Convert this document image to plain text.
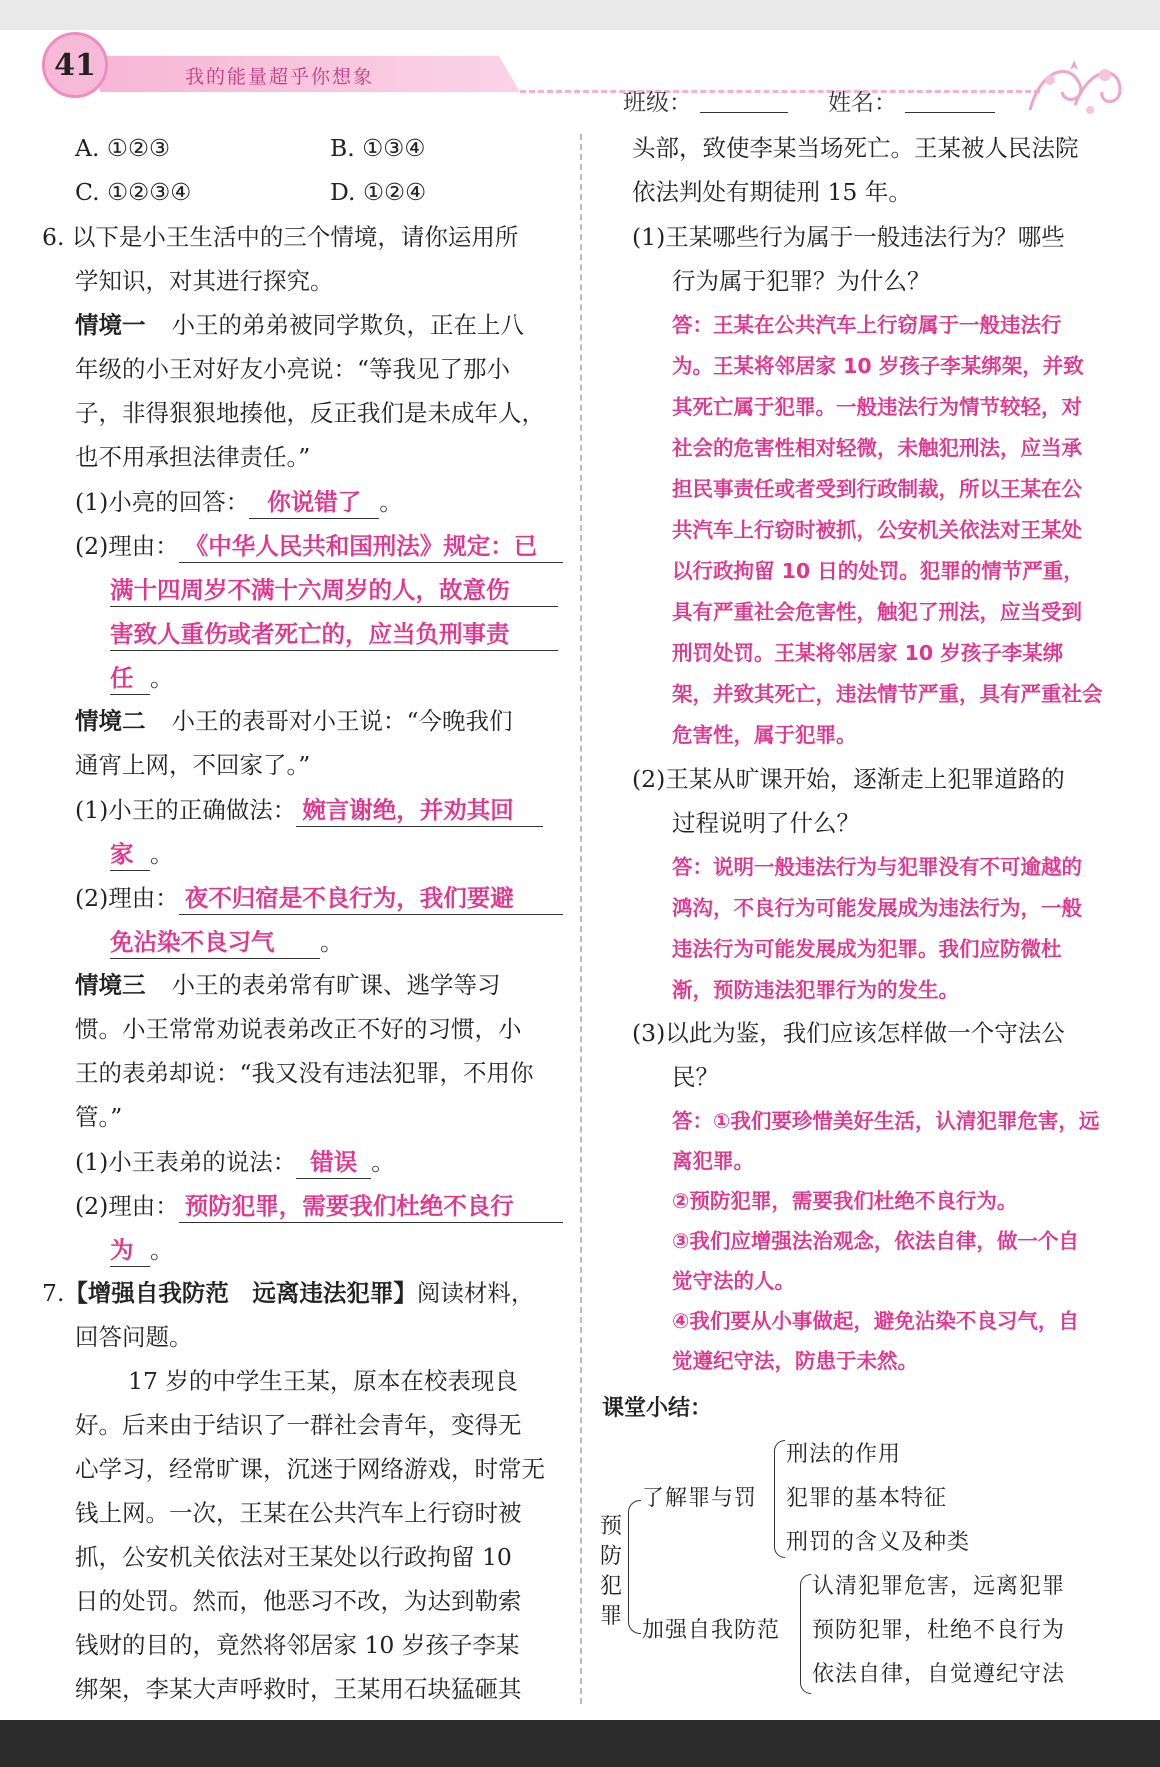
41	我的能量超乎你想象
班级：	姓名：
A. ①②③	B. ①③④
C. ①②③④	D. ①②④
6. 以下是小王生活中的三个情境，请你运用所
学知识，对其进行探究。
情境一 小王的弟弟被同学欺负，正在上八
年级的小王对好友小亮说：“等我见了那小
子，非得狠狠地揍他，反正我们是未成年人，
也不用承担法律责任。”
(1)小亮的回答： 你说错了 。
(2)理由： 《中华人民共和国刑法》规定：已
满十四周岁不满十六周岁的人，故意伤
害致人重伤或者死亡的，应当负刑事责
任 。
情境二 小王的表哥对小王说：“今晚我们
通宵上网，不回家了。”
(1)小王的正确做法： 婉言谢绝，并劝其回
家 。
(2)理由： 夜不归宿是不良行为，我们要避
免沾染不良习气 。
情境三 小王的表弟常有旷课、逃学等习
惯。小王常常劝说表弟改正不好的习惯，小
王的表弟却说：“我又没有违法犯罪，不用你
管。”
(1)小王表弟的说法： 错误 。
(2)理由： 预防犯罪，需要我们杜绝不良行
为 。
7.【增强自我防范　远离违法犯罪】阅读材料，
回答问题。
17 岁的中学生王某，原本在校表现良
好。后来由于结识了一群社会青年，变得无
心学习，经常旷课，沉迷于网络游戏，时常无
钱上网。一次，王某在公共汽车上行窃时被
抓，公安机关依法对王某处以行政拘留 10
日的处罚。然而，他恶习不改，为达到勒索
钱财的目的，竟然将邻居家 10 岁孩子李某
绑架，李某大声呼救时，王某用石块猛砸其
头部，致使李某当场死亡。王某被人民法院
依法判处有期徒刑 15 年。
(1)王某哪些行为属于一般违法行为？哪些
行为属于犯罪？为什么？
答：王某在公共汽车上行窃属于一般违法行
为。王某将邻居家 10 岁孩子李某绑架，并致
其死亡属于犯罪。一般违法行为情节较轻，对
社会的危害性相对轻微，未触犯刑法，应当承
担民事责任或者受到行政制裁，所以王某在公
共汽车上行窃时被抓，公安机关依法对王某处
以行政拘留 10 日的处罚。犯罪的情节严重，
具有严重社会危害性，触犯了刑法，应当受到
刑罚处罚。王某将邻居家 10 岁孩子李某绑
架，并致其死亡，违法情节严重，具有严重社会
危害性，属于犯罪。
(2)王某从旷课开始，逐渐走上犯罪道路的
过程说明了什么？
答：说明一般违法行为与犯罪没有不可逾越的
鸿沟，不良行为可能发展成为违法行为，一般
违法行为可能发展成为犯罪。我们应防微杜
渐，预防违法犯罪行为的发生。
(3)以此为鉴，我们应该怎样做一个守法公
民？
答：①我们要珍惜美好生活，认清犯罪危害，远
离犯罪。
②预防犯罪，需要我们杜绝不良行为。
③我们应增强法治观念，依法自律，做一个自
觉守法的人。
④我们要从小事做起，避免沾染不良习气，自
觉遵纪守法，防患于未然。
课堂小结：
预
防
犯
罪
了解罪与罚
刑法的作用
犯罪的基本特征
刑罚的含义及种类
加强自我防范
认清犯罪危害，远离犯罪
预防犯罪，杜绝不良行为
依法自律，自觉遵纪守法
